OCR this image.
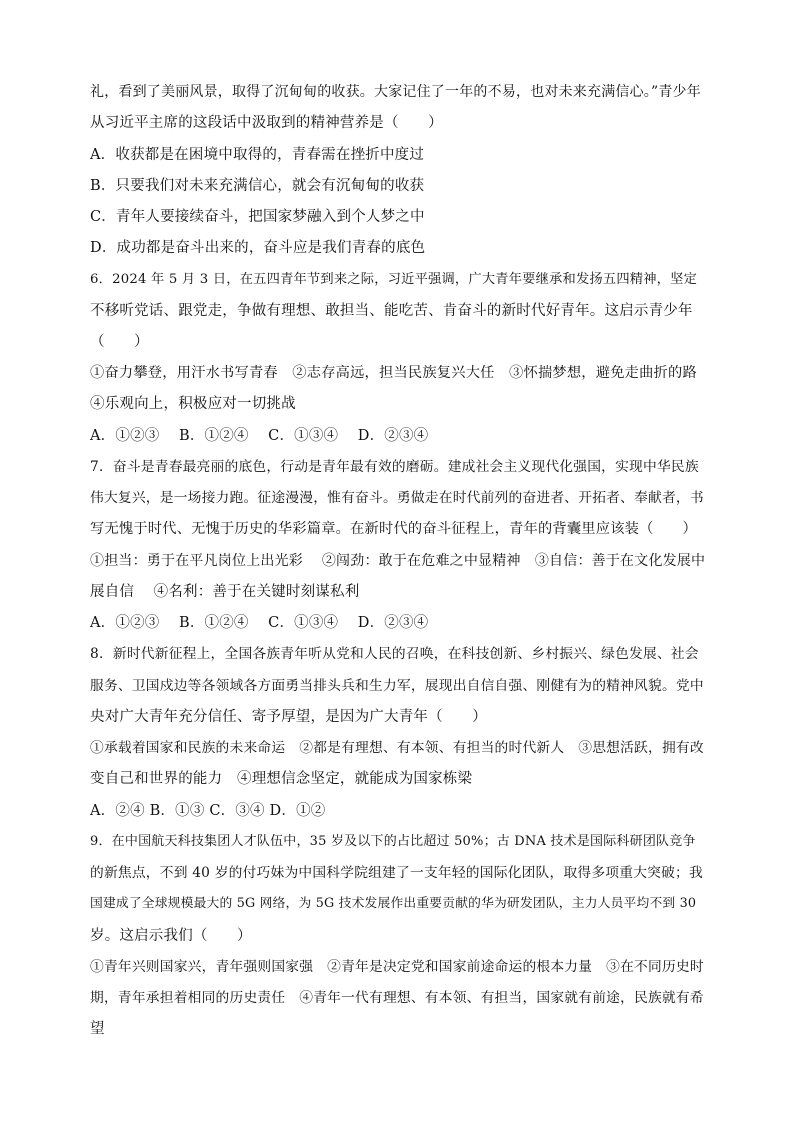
礼，看到了美丽风景，取得了沉甸甸的收获。大家记住了一年的不易，也对未来充满信心。”青少年
从习近平主席的这段话中汲取到的精神营养是（　　）
A．收获都是在困境中取得的，青春需在挫折中度过
B．只要我们对未来充满信心，就会有沉甸甸的收获
C．青年人要接续奋斗，把国家梦融入到个人梦之中
D．成功都是奋斗出来的，奋斗应是我们青春的底色
6．2024 年 5 月 3 日，在五四青年节到来之际，习近平强调，广大青年要继承和发扬五四精神，坚定
不移听党话、跟党走，争做有理想、敢担当、能吃苦、肯奋斗的新时代好青年。这启示青少年
（　　）
①奋力攀登，用汗水书写青春　②志存高远，担当民族复兴大任　③怀揣梦想，避免走曲折的路
④乐观向上，积极应对一切挑战
A．①②③　 B．①②④　 C．①③④　 D．②③④
7．奋斗是青春最亮丽的底色，行动是青年最有效的磨砺。建成社会主义现代化强国，实现中华民族
伟大复兴，是一场接力跑。征途漫漫，惟有奋斗。勇做走在时代前列的奋进者、开拓者、奉献者，书
写无愧于时代、无愧于历史的华彩篇章。在新时代的奋斗征程上，青年的背囊里应该装（　　）
①担当：勇于在平凡岗位上出光彩　 ②闯劲：敢于在危难之中显精神　③自信：善于在文化发展中
展自信　 ④名利：善于在关键时刻谋私利
A．①②③　 B．①②④　 C．①③④　 D．②③④
8．新时代新征程上，全国各族青年听从党和人民的召唤，在科技创新、乡村振兴、绿色发展、社会
服务、卫国戍边等各领域各方面勇当排头兵和生力军，展现出自信自强、刚健有为的精神风貌。党中
央对广大青年充分信任、寄予厚望，是因为广大青年（　　）
①承载着国家和民族的未来命运　②都是有理想、有本领、有担当的时代新人　③思想活跃，拥有改
变自己和世界的能力　④理想信念坚定，就能成为国家栋梁
A．②④ B．①③ C．③④ D．①②
9．在中国航天科技集团人才队伍中，35 岁及以下的占比超过 50%；古 DNA 技术是国际科研团队竞争
的新焦点，不到 40 岁的付巧妹为中国科学院组建了一支年轻的国际化团队，取得多项重大突破；我
国建成了全球规模最大的 5G 网络，为 5G 技术发展作出重要贡献的华为研发团队，主力人员平均不到 30
岁。这启示我们（　　）
①青年兴则国家兴，青年强则国家强　②青年是决定党和国家前途命运的根本力量　③在不同历史时
期，青年承担着相同的历史责任　④青年一代有理想、有本领、有担当，国家就有前途，民族就有希
望
